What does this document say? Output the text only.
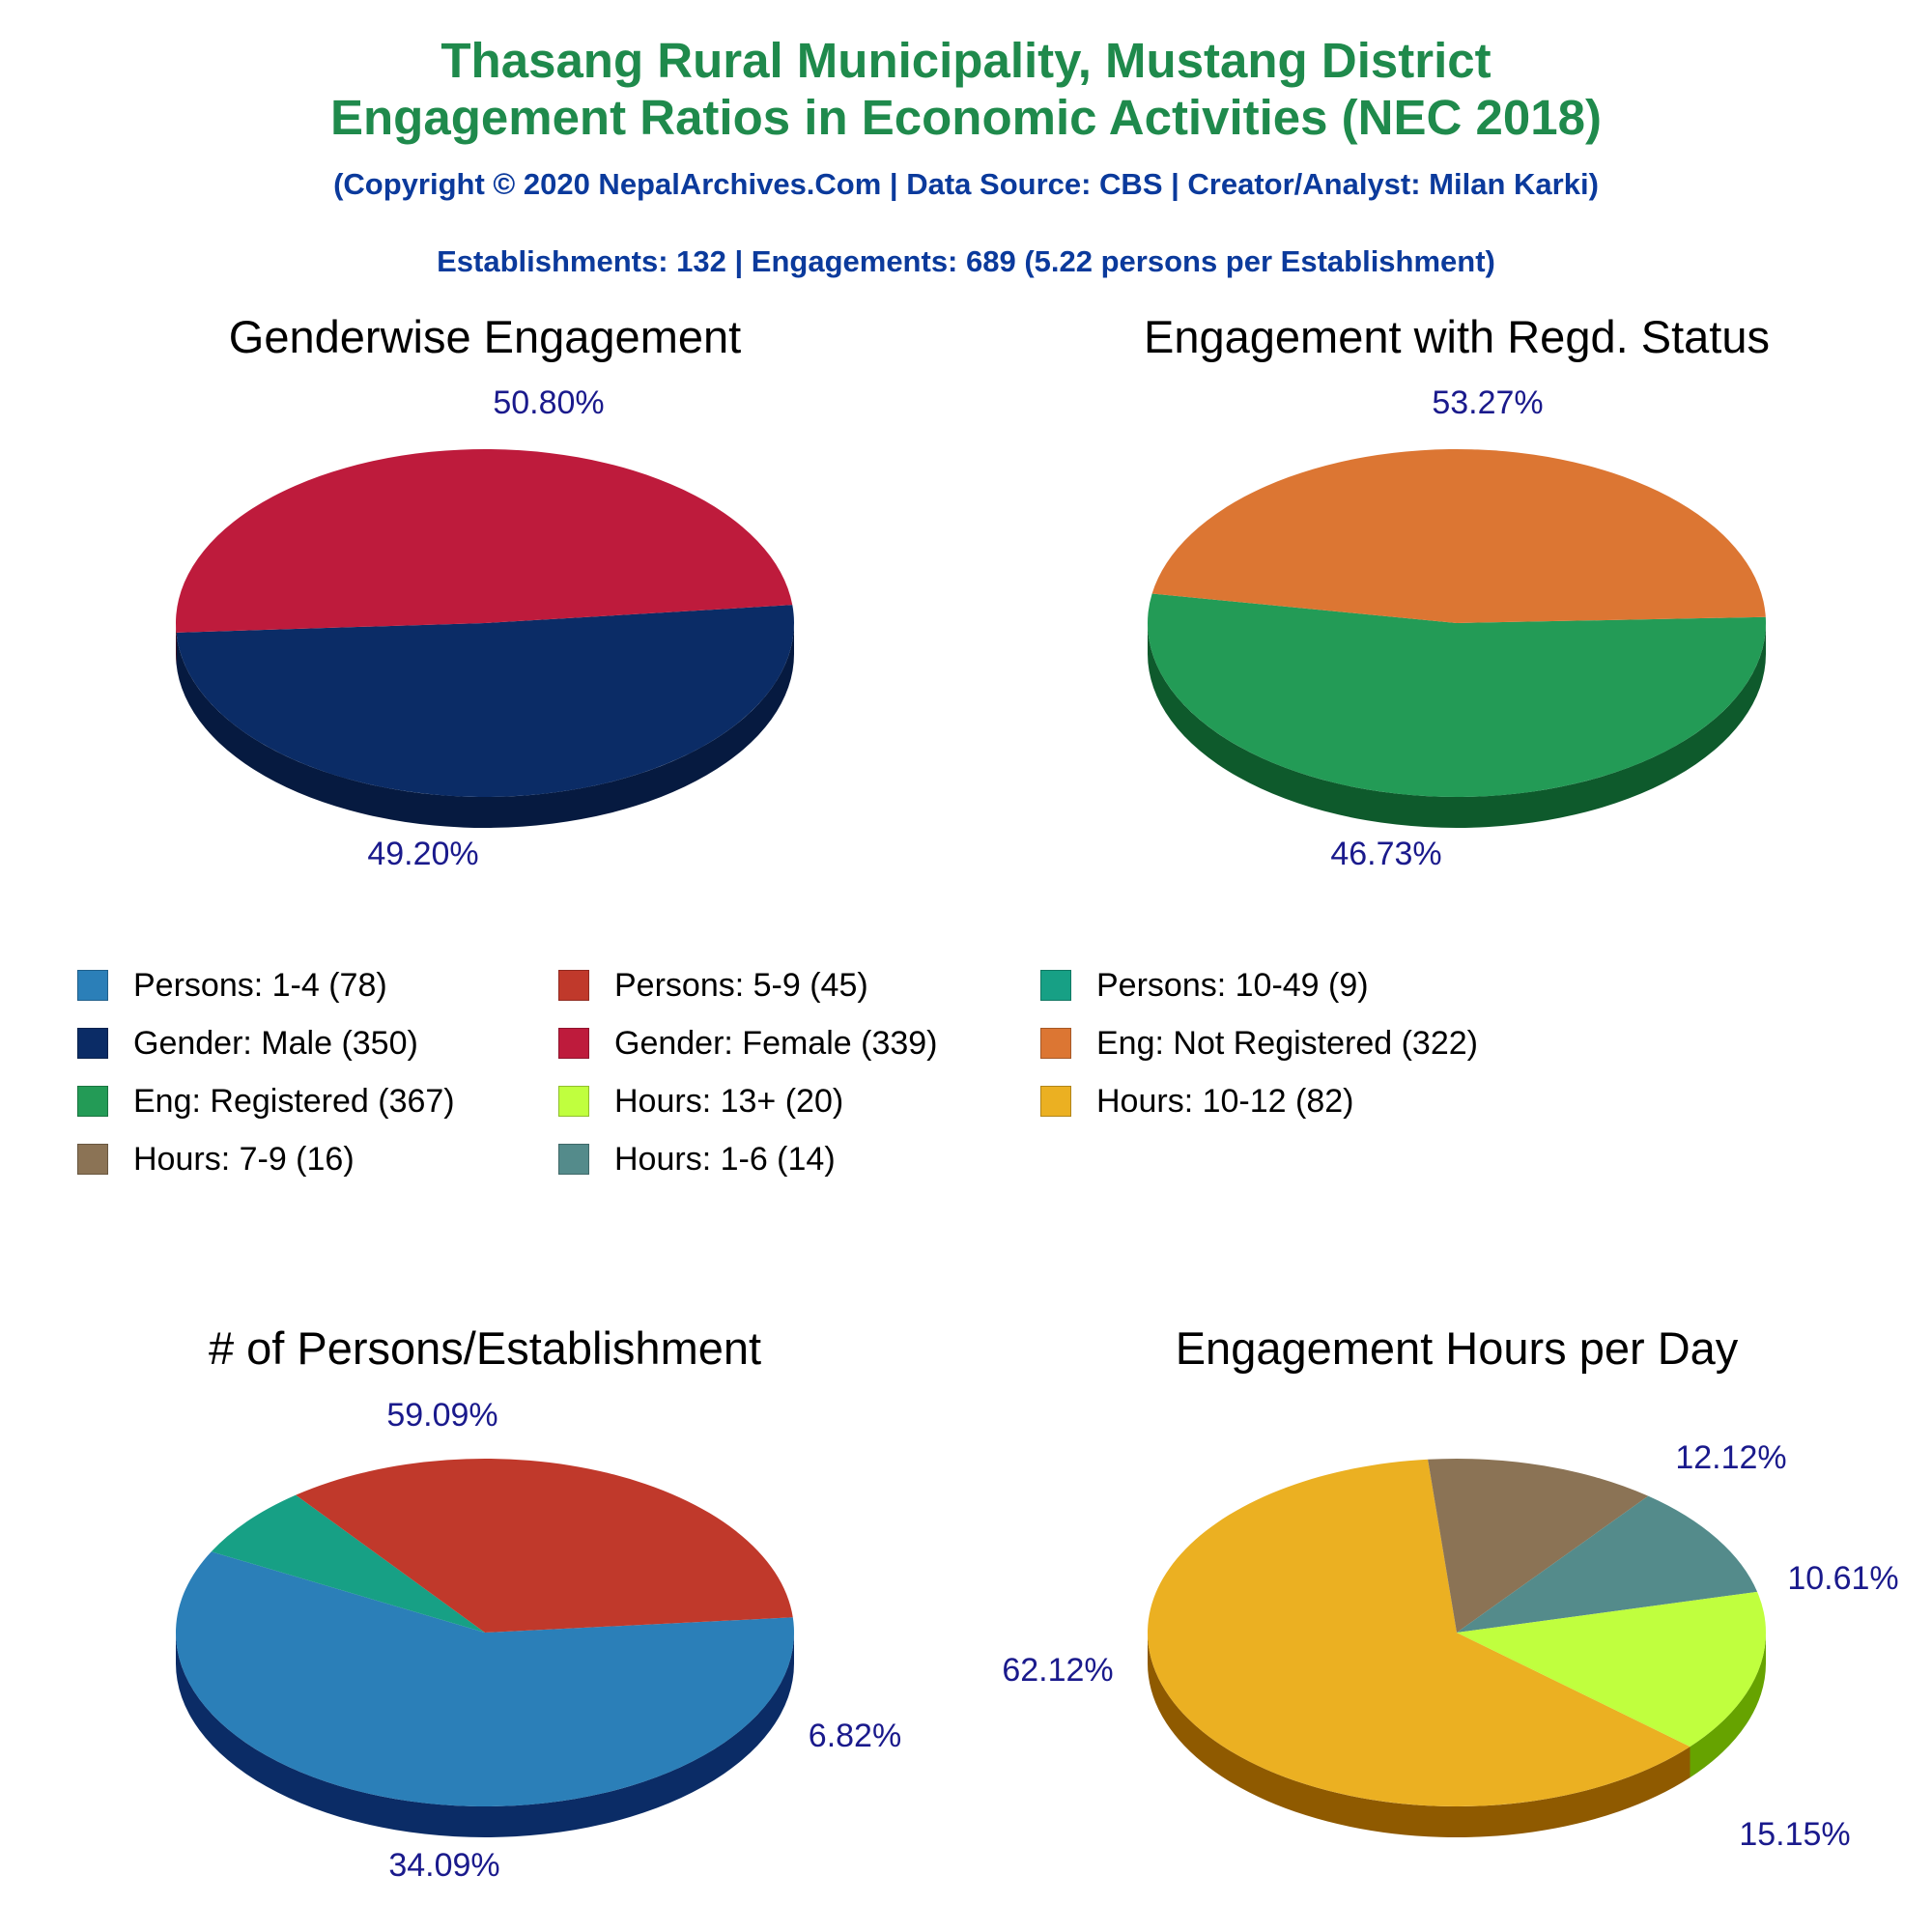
Thasang Rural Municipality, Mustang District
Engagement Ratios in Economic Activities (NEC 2018)
(Copyright © 2020 NepalArchives.Com | Data Source: CBS | Creator/Analyst: Milan Karki)
Establishments: 132 | Engagements: 689 (5.22 persons per Establishment)
Genderwise Engagement
50.80%
49.20%
Engagement with Regd. Status
53.27%
46.73%
# of Persons/Establishment
59.09%
6.82%
34.09%
Engagement Hours per Day
62.12%
12.12%
10.61%
15.15%
Persons: 1-4 (78)	Persons: 5-9 (45)	Persons: 10-49 (9)
Gender: Male (350)	Gender: Female (339)	Eng: Not Registered (322)
Eng: Registered (367)	Hours: 13+ (20)	Hours: 10-12 (82)
Hours: 7-9 (16)	Hours: 1-6 (14)
